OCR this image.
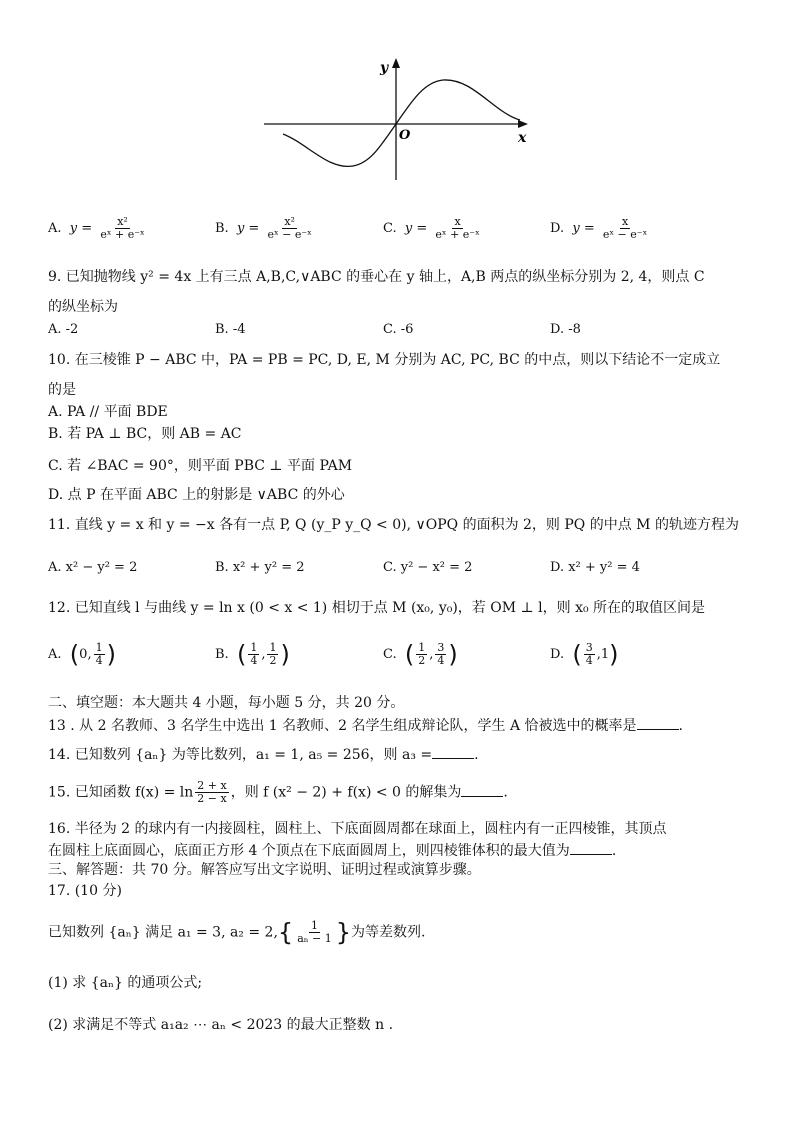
y
x
O
A. $y = \frac{\text{x²}}{\text{eˣ + e⁻ˣ}}$	B. $y = \frac{\text{x²}}{\text{eˣ − e⁻ˣ}}$	C. $y = \frac{x}{\text{eˣ + e⁻ˣ}}$	D. $y = \frac{x}{\text{eˣ − e⁻ˣ}}$
9. 已知抛物线 y² = 4x 上有三点 A,B,C,∨ABC 的垂心在 y 轴上，A,B 两点的纵坐标分别为 2, 4，则点 C
的纵坐标为
A. -2	B. -4	C. -6	D. -8
10. 在三棱锥 P − ABC 中，PA = PB = PC, D, E, M 分别为 AC, PC, BC 的中点，则以下结论不一定成立
的是
A. PA // 平面 BDE
B. 若 PA ⊥ BC，则 AB = AC
C. 若 ∠BAC = 90°，则平面 PBC ⊥ 平面 PAM
D. 点 P 在平面 ABC 上的射影是 ∨ABC 的外心
11. 直线 y = x 和 y = −x 各有一点 P, Q (y_P y_Q < 0), ∨OPQ 的面积为 2，则 PQ 的中点 M 的轨迹方程为
A. x² − y² = 2	B. x² + y² = 2	C. y² − x² = 2	D. x² + y² = 4
12. 已知直线 l 与曲线 y = ln x (0 < x < 1) 相切于点 M (x₀, y₀)，若 OM ⊥ l，则 x₀ 所在的取值区间是
A. (0, $\frac{1}{4}$ )	B. ( $\frac{1}{4}$ , $\frac{1}{2}$ )	C. ( $\frac{1}{2}$ , $\frac{3}{4}$ )	D. ( $\frac{3}{4} ,1$)
二、填空题：本大题共 4 小题，每小题 5 分，共 20 分。
13 . 从 2 名教师、3 名学生中选出 1 名教师、2 名学生组成辩论队，学生 A 恰被选中的概率是	.
14. 已知数列 {aₙ} 为等比数列，a₁ = 1, a₅ = 256，则 a₃ =	.
15. 已知函数 $f(x) = \ln \frac{2 + x}{2 - x}$ ，则 f (x² − 2) + f(x) < 0 的解集为	.
16. 半径为 2 的球内有一内接圆柱，圆柱上、下底面圆周都在球面上，圆柱内有一正四棱锥，其顶点
在圆柱上底面圆心，底面正方形 4 个顶点在下底面圆周上，则四棱锥体积的最大值为	.
三、解答题：共 70 分。解答应写出文字说明、证明过程或演算步骤。
17. (10 分)
已知数列 {aₙ} 满足 a₁ = 3, $a_2 = 2,\{ \frac{1}{\text{aₙ − 1}}$ }为等差数列.
(1) 求 {aₙ} 的通项公式;
(2) 求满足不等式 a₁a₂ ⋯ aₙ < 2023 的最大正整数 n .
